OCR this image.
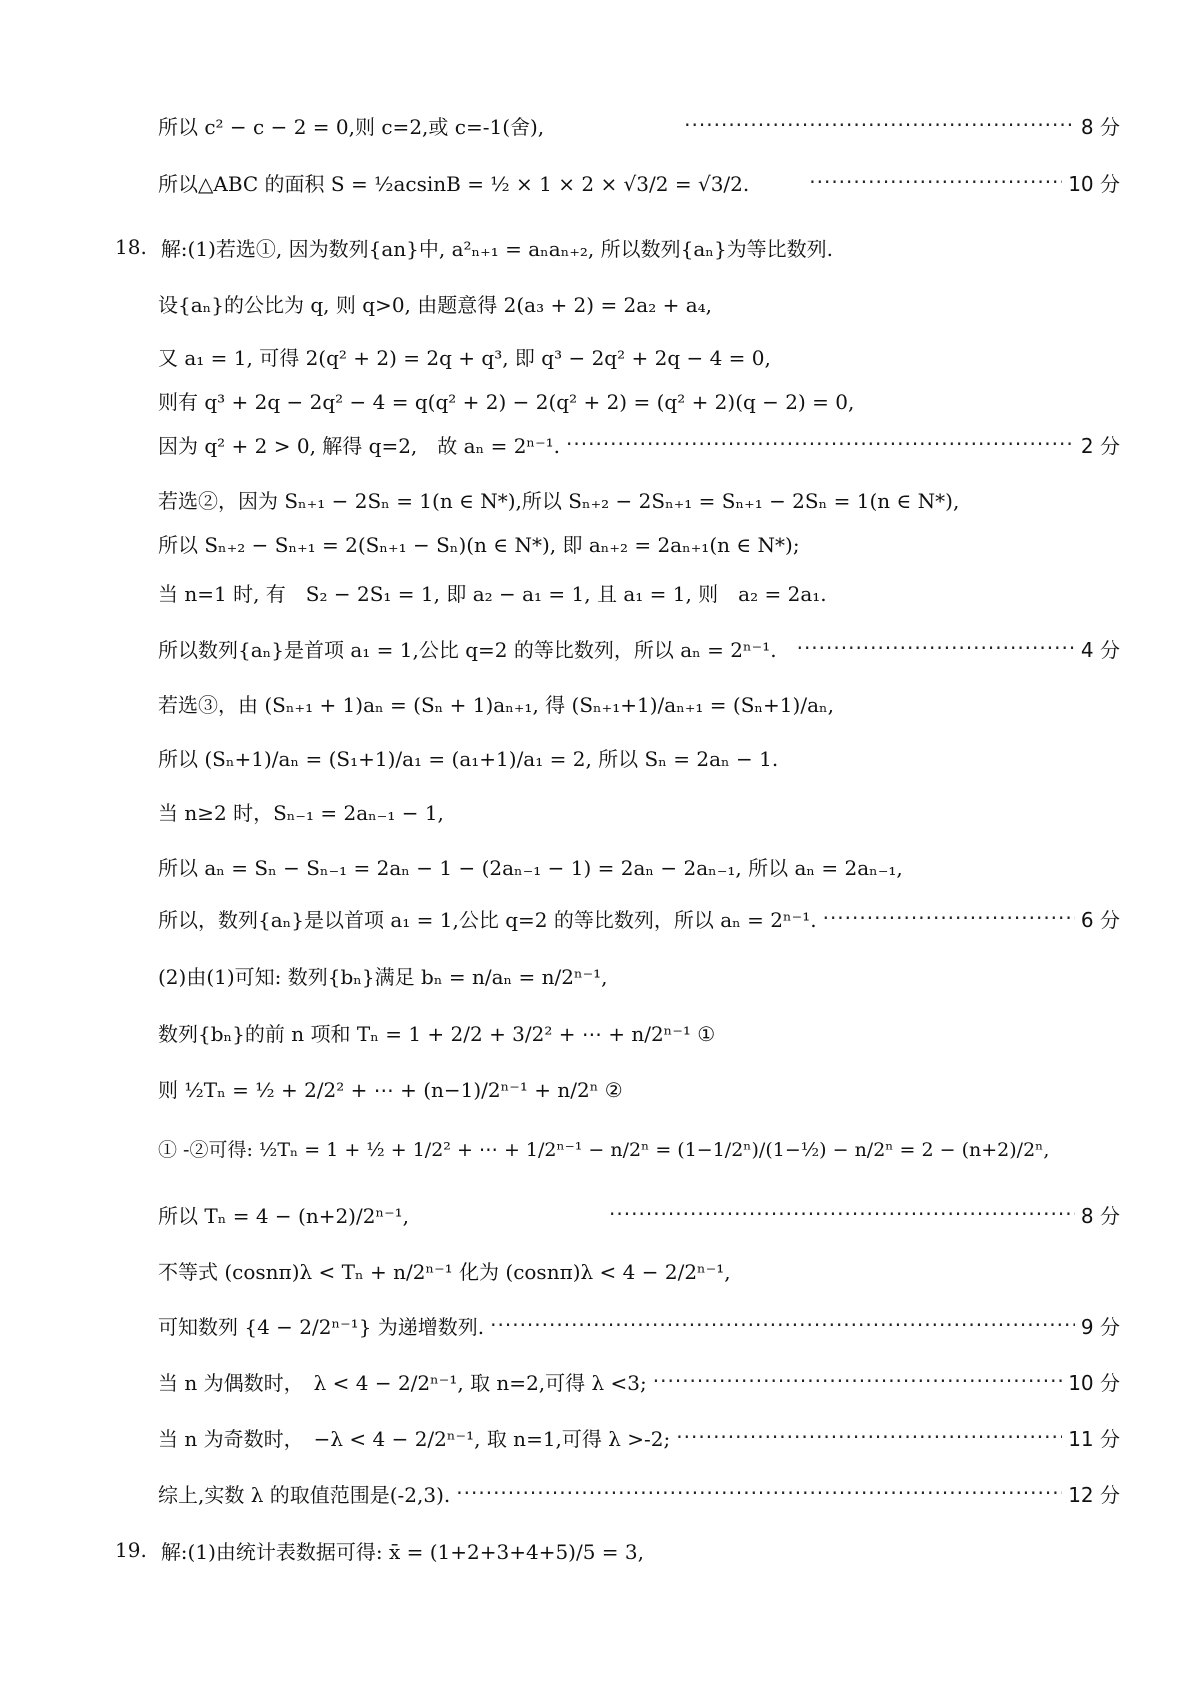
所以 c² − c − 2 = 0,则 c=2,或 c=-1(舍), ·····	8 分
所以△ABC 的面积 S = ½acsinB = ½ × 1 × 2 × √3/2 = √3/2. ·····	10 分
18. 解:(1)若选①, 因为数列{an}中, a²ₙ₊₁ = aₙaₙ₊₂, 所以数列{aₙ}为等比数列.
设{aₙ}的公比为 q, 则 q>0, 由题意得 2(a₃ + 2) = 2a₂ + a₄,
又 a₁ = 1, 可得 2(q² + 2) = 2q + q³, 即 q³ − 2q² + 2q − 4 = 0,
则有 q³ + 2q − 2q² − 4 = q(q² + 2) − 2(q² + 2) = (q² + 2)(q − 2) = 0,
因为 q² + 2 > 0, 解得 q=2,　故 aₙ = 2ⁿ⁻¹. ·····	2 分
若选②，因为 Sₙ₊₁ − 2Sₙ = 1(n ∈ N*),所以 Sₙ₊₂ − 2Sₙ₊₁ = Sₙ₊₁ − 2Sₙ = 1(n ∈ N*),
所以 Sₙ₊₂ − Sₙ₊₁ = 2(Sₙ₊₁ − Sₙ)(n ∈ N*), 即 aₙ₊₂ = 2aₙ₊₁(n ∈ N*);
当 n=1 时, 有　S₂ − 2S₁ = 1, 即 a₂ − a₁ = 1, 且 a₁ = 1, 则　a₂ = 2a₁.
所以数列{aₙ}是首项 a₁ = 1,公比 q=2 的等比数列，所以 aₙ = 2ⁿ⁻¹. ·····	4 分
若选③，由 (Sₙ₊₁ + 1)aₙ = (Sₙ + 1)aₙ₊₁, 得 (Sₙ₊₁+1)/aₙ₊₁ = (Sₙ+1)/aₙ,
所以 (Sₙ+1)/aₙ = (S₁+1)/a₁ = (a₁+1)/a₁ = 2, 所以 Sₙ = 2aₙ − 1.
当 n≥2 时，Sₙ₋₁ = 2aₙ₋₁ − 1,
所以 aₙ = Sₙ − Sₙ₋₁ = 2aₙ − 1 − (2aₙ₋₁ − 1) = 2aₙ − 2aₙ₋₁, 所以 aₙ = 2aₙ₋₁,
所以，数列{aₙ}是以首项 a₁ = 1,公比 q=2 的等比数列，所以 aₙ = 2ⁿ⁻¹. ·····	6 分
(2)由(1)可知: 数列{bₙ}满足 bₙ = n/aₙ = n/2ⁿ⁻¹,
数列{bₙ}的前 n 项和 Tₙ = 1 + 2/2 + 3/2² + ⋯ + n/2ⁿ⁻¹ ①
则 ½Tₙ = ½ + 2/2² + ⋯ + (n−1)/2ⁿ⁻¹ + n/2ⁿ ②
① -②可得: ½Tₙ = 1 + ½ + 1/2² + ⋯ + 1/2ⁿ⁻¹ − n/2ⁿ = (1−1/2ⁿ)/(1−½) − n/2ⁿ = 2 − (n+2)/2ⁿ,
所以 Tₙ = 4 − (n+2)/2ⁿ⁻¹, ·····	8 分
不等式 (cosnπ)λ < Tₙ + n/2ⁿ⁻¹ 化为 (cosnπ)λ < 4 − 2/2ⁿ⁻¹,
可知数列 {4 − 2/2ⁿ⁻¹} 为递增数列. ·····	9 分
当 n 为偶数时，　λ < 4 − 2/2ⁿ⁻¹, 取 n=2,可得 λ <3; ·····	10 分
当 n 为奇数时，　−λ < 4 − 2/2ⁿ⁻¹, 取 n=1,可得 λ >-2; ·····	11 分
综上,实数 λ 的取值范围是(-2,3). ·····	12 分
19. 解:(1)由统计表数据可得: x̄ = (1+2+3+4+5)/5 = 3,
